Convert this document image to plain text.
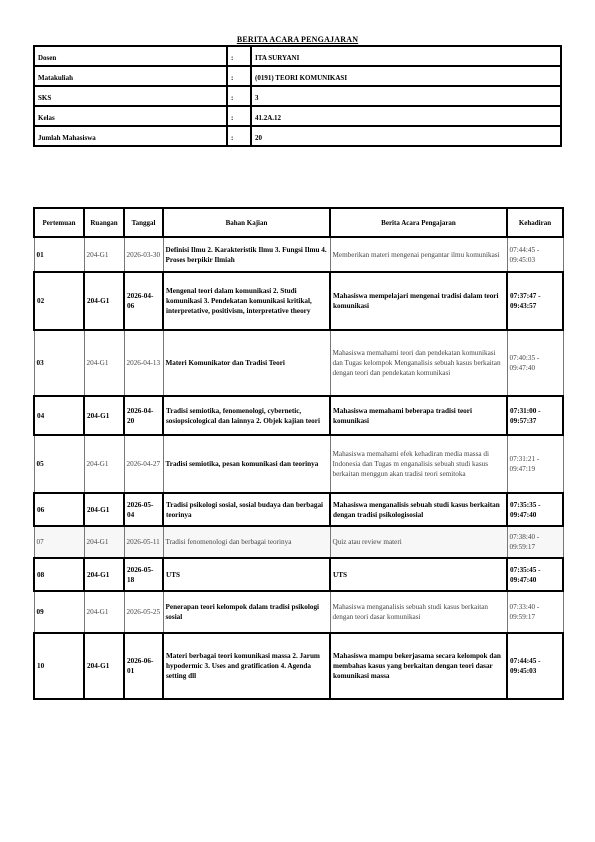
BERITA ACARA PENGAJARAN
Dosen	:	ITA SURYANI
Matakuliah	:	(0191) TEORI KOMUNIKASI
SKS	:	3
Kelas	:	41.2A.12
Jumlah Mahasiswa	:	20
Pertemuan	Ruangan	Tanggal	Bahan Kajian	Berita Acara Pengajaran	Kehadiran
01	204-G1	2026-03-30	Definisi Ilmu 2. Karakteristik Ilmu 3. Fungsi Ilmu 4. Proses berpikir Ilmiah	Memberikan materi mengenai pengantar ilmu komunikasi	07:44:45 - 09:45:03
02	204-G1	2026-04-06	Mengenal teori dalam komunikasi 2. Studi komunikasi 3. Pendekatan komunikasi kritikal, interpretative, positivism, interpretative theory	Mahasiswa mempelajari mengenai tradisi dalam teori komunikasi	07:37:47 - 09:43:57
03	204-G1	2026-04-13	Materi Komunikator dan Tradisi Teori	Mahasiswa memahami teori dan pendekatan komunikasi dan Tugas kelompok Menganalisis sebuah kasus berkaitan dengan teori dan pendekatan komunikasi	07:40:35 - 09:47:40
04	204-G1	2026-04-20	Tradisi semiotika, fenomenologi, cybernetic, sosiopsicological dan lainnya 2. Objek kajian teori	Mahasiswa memahami beberapa tradisi teori komunikasi	07:31:00 - 09:57:37
05	204-G1	2026-04-27	Tradisi semiotika, pesan komunikasi dan teorinya	Mahasiswa memahami efek kehadiran media massa di Indonesia dan Tugas m enganalisis sebuah studi kasus berkaitan menggun akan tradisi teori semitoka	07:31:21 - 09:47:19
06	204-G1	2026-05-04	Tradisi psikologi sosial, sosial budaya dan berbagai teorinya	Mahasiswa menganalisis sebuah studi kasus berkaitan dengan tradisi psikologisosial	07:35:35 - 09:47:40
07	204-G1	2026-05-11	Tradisi fenomenologi dan berbagai teorinya	Quiz atau review materi	07:38:40 - 09:59:17
08	204-G1	2026-05-18	UTS	UTS	07:35:45 - 09:47:40
09	204-G1	2026-05-25	Penerapan teori kelompok dalam tradisi psikologi sosial	Mahasiswa menganalisis sebuah studi kasus berkaitan dengan teori dasar komunikasi	07:33:40 - 09:59:17
10	204-G1	2026-06-01	Materi berbagai teori komunikasi massa 2. Jarum hypodermic 3. Uses and gratification 4. Agenda setting dll	Mahasiswa mampu bekerjasama secara kelompok dan membahas kasus yang berkaitan dengan teori dasar komunikasi massa	07:44:45 - 09:45:03
